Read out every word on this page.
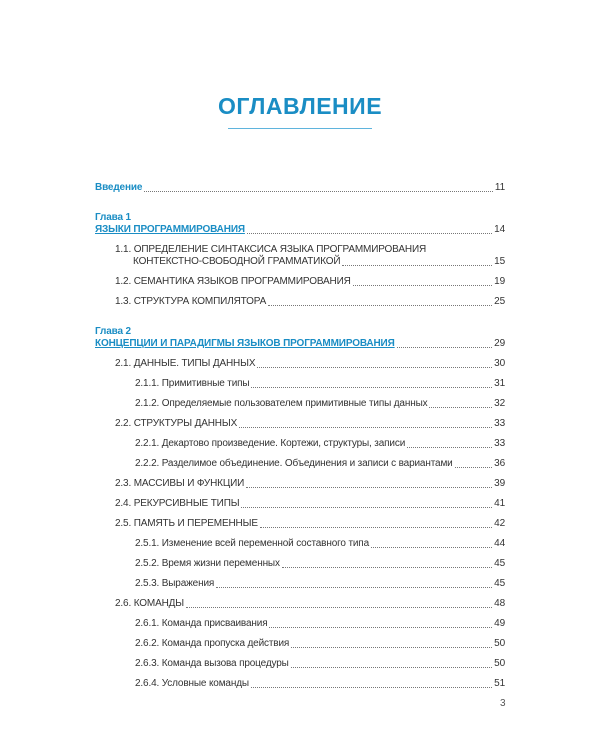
ОГЛАВЛЕНИЕ
Введение	11
Глава 1
ЯЗЫКИ ПРОГРАММИРОВАНИЯ	14
1.1. ОПРЕДЕЛЕНИЕ СИНТАКСИСА ЯЗЫКА ПРОГРАММИРОВАНИЯ
КОНТЕКСТНО-СВОБОДНОЙ ГРАММАТИКОЙ	15
1.2. СЕМАНТИКА ЯЗЫКОВ ПРОГРАММИРОВАНИЯ	19
1.3. СТРУКТУРА КОМПИЛЯТОРА	25
Глава 2
КОНЦЕПЦИИ И ПАРАДИГМЫ ЯЗЫКОВ ПРОГРАММИРОВАНИЯ	29
2.1. ДАННЫЕ. ТИПЫ ДАННЫХ	30
2.1.1. Примитивные типы	31
2.1.2. Определяемые пользователем примитивные типы данных	32
2.2. СТРУКТУРЫ ДАННЫХ	33
2.2.1. Декартово произведение. Кортежи, структуры, записи	33
2.2.2. Разделимое объединение. Объединения и записи с вариантами	36
2.3. МАССИВЫ И ФУНКЦИИ	39
2.4. РЕКУРСИВНЫЕ ТИПЫ	41
2.5. ПАМЯТЬ И ПЕРЕМЕННЫЕ	42
2.5.1. Изменение всей переменной составного типа	44
2.5.2. Время жизни переменных	45
2.5.3. Выражения	45
2.6. КОМАНДЫ	48
2.6.1. Команда присваивания	49
2.6.2. Команда пропуска действия	50
2.6.3. Команда вызова процедуры	50
2.6.4. Условные команды	51
3
